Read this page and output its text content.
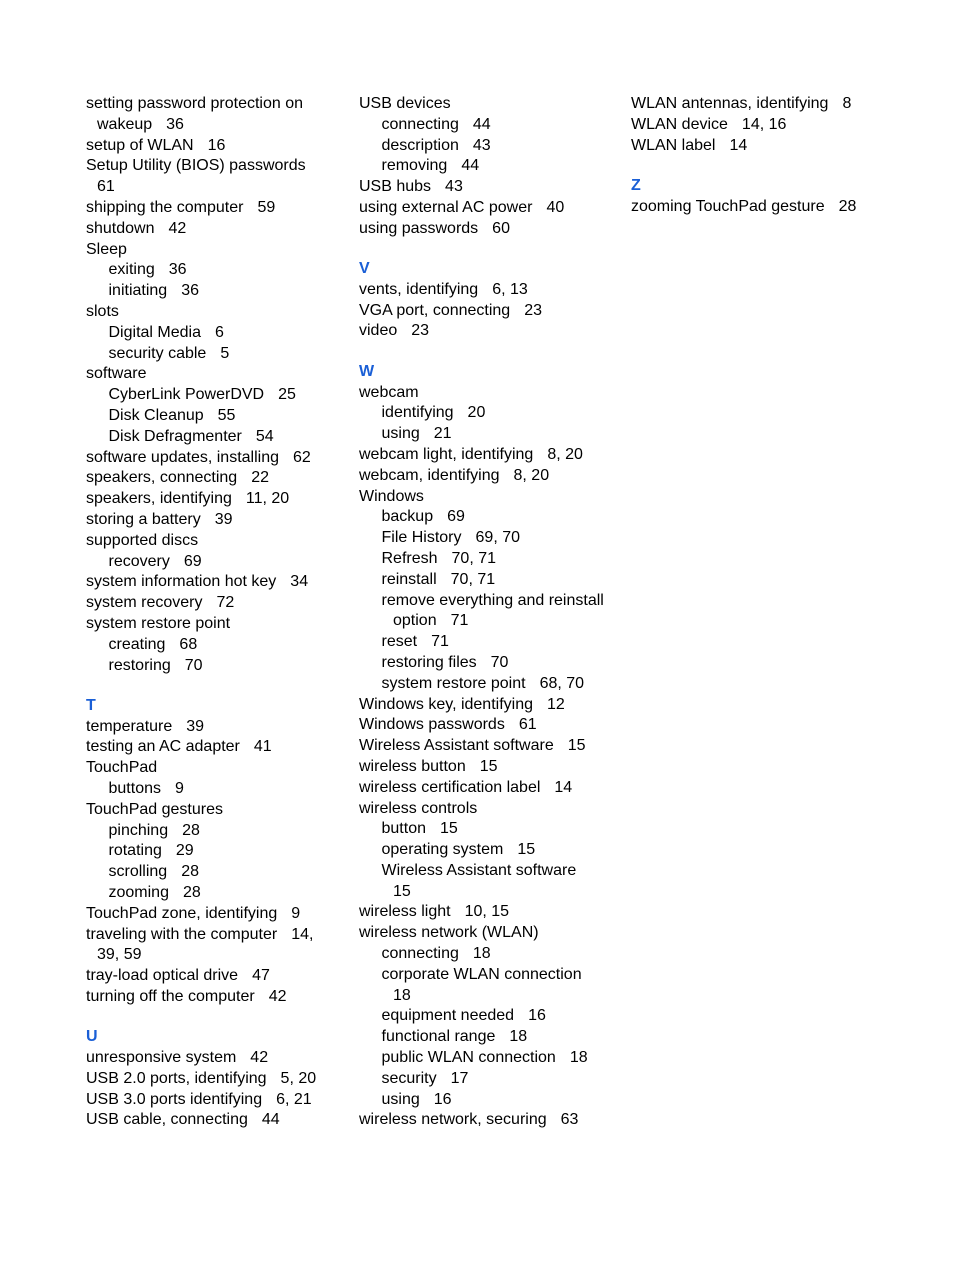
setting password protection on
wakeup 36
setup of WLAN 16
Setup Utility (BIOS) passwords
61
shipping the computer 59
shutdown 42
Sleep
exiting 36
initiating 36
slots
Digital Media 6
security cable 5
software
CyberLink PowerDVD 25
Disk Cleanup 55
Disk Defragmenter 54
software updates, installing 62
speakers, connecting 22
speakers, identifying 11, 20
storing a battery 39
supported discs
recovery 69
system information hot key 34
system recovery 72
system restore point
creating 68
restoring 70
T
temperature 39
testing an AC adapter 41
TouchPad
buttons 9
TouchPad gestures
pinching 28
rotating 29
scrolling 28
zooming 28
TouchPad zone, identifying 9
traveling with the computer 14,
39, 59
tray-load optical drive 47
turning off the computer 42
U
unresponsive system 42
USB 2.0 ports, identifying 5, 20
USB 3.0 ports identifying 6, 21
USB cable, connecting 44
USB devices
connecting 44
description 43
removing 44
USB hubs 43
using external AC power 40
using passwords 60
V
vents, identifying 6, 13
VGA port, connecting 23
video 23
W
webcam
identifying 20
using 21
webcam light, identifying 8, 20
webcam, identifying 8, 20
Windows
backup 69
File History 69, 70
Refresh 70, 71
reinstall 70, 71
remove everything and reinstall
option 71
reset 71
restoring files 70
system restore point 68, 70
Windows key, identifying 12
Windows passwords 61
Wireless Assistant software 15
wireless button 15
wireless certification label 14
wireless controls
button 15
operating system 15
Wireless Assistant software
15
wireless light 10, 15
wireless network (WLAN)
connecting 18
corporate WLAN connection
18
equipment needed 16
functional range 18
public WLAN connection 18
security 17
using 16
wireless network, securing 63
WLAN antennas, identifying 8
WLAN device 14, 16
WLAN label 14
Z
zooming TouchPad gesture 28
